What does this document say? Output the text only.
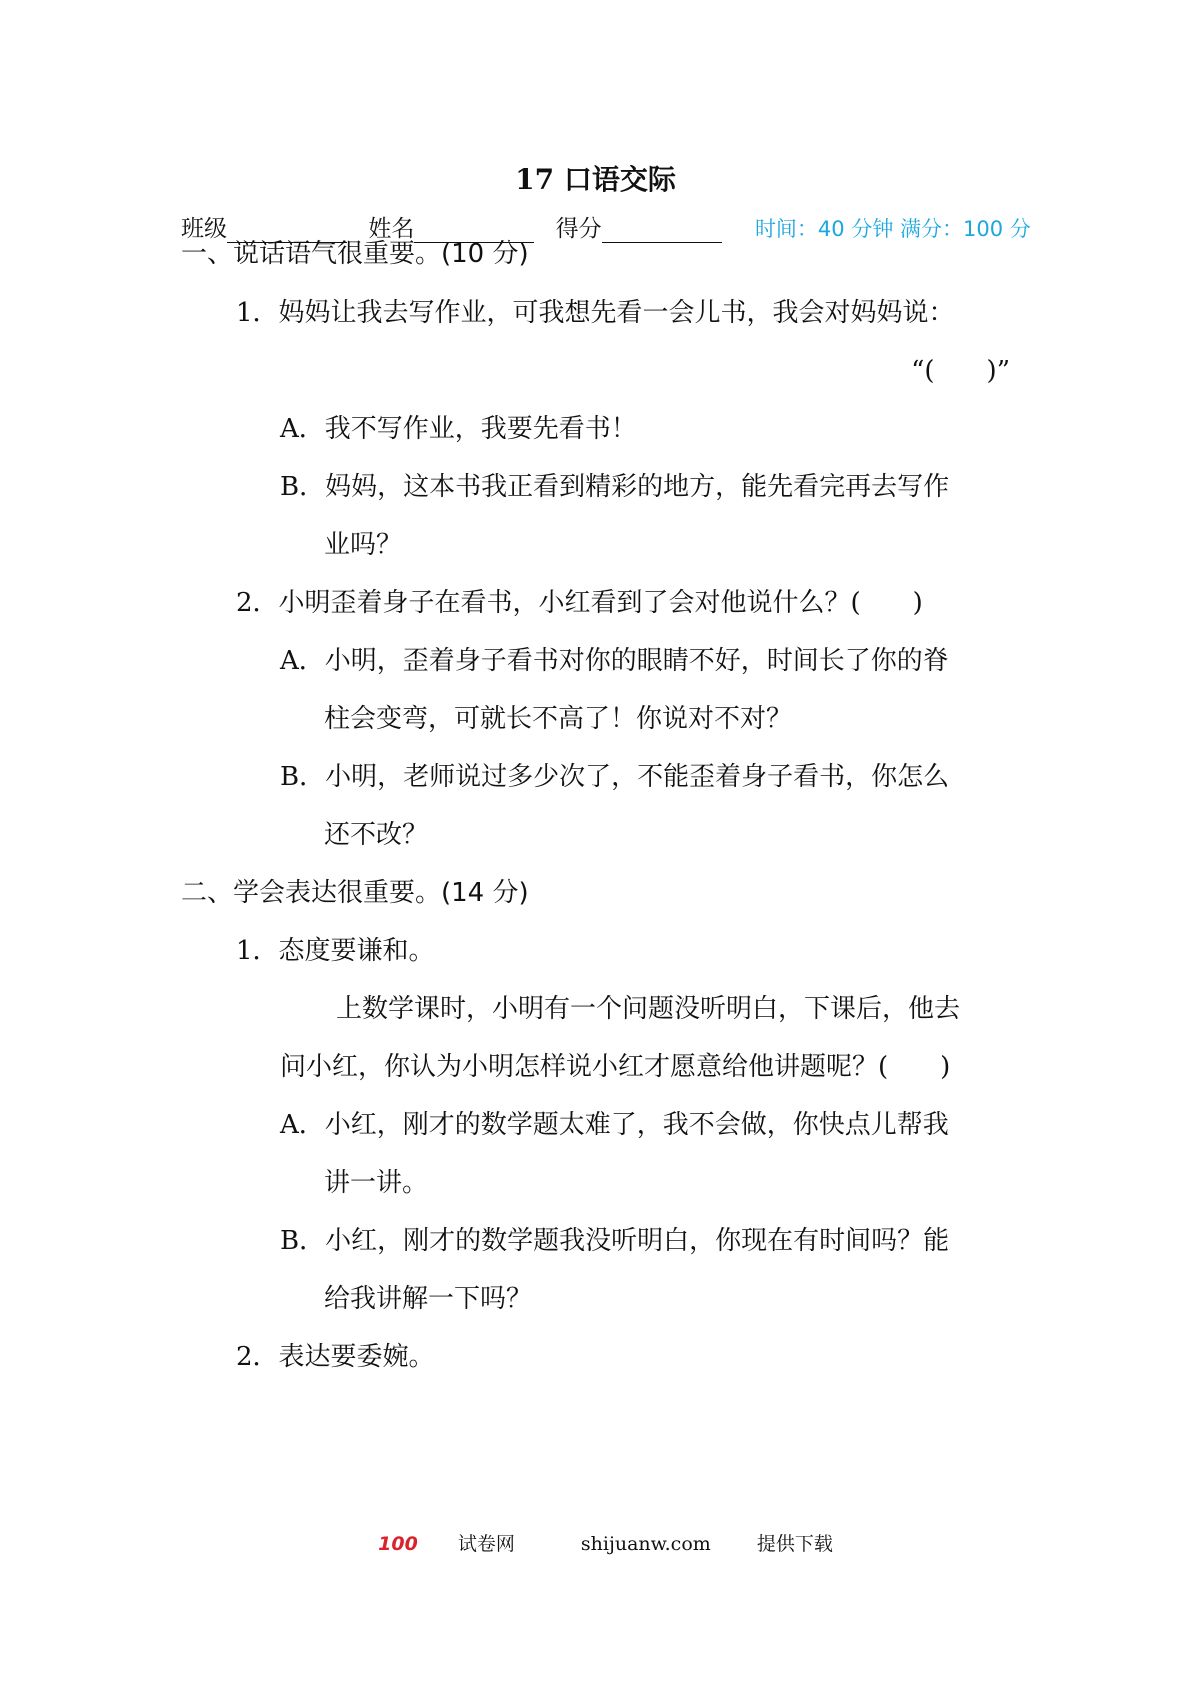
17 口语交际
班级	姓名	得分	时间：40 分钟 满分：100 分
一、说话语气很重要。(10 分)
1．妈妈让我去写作业，可我想先看一会儿书，我会对妈妈说：
“(　　)”
A．我不写作业，我要先看书！
B．妈妈，这本书我正看到精彩的地方，能先看完再去写作
业吗？
2．小明歪着身子在看书，小红看到了会对他说什么？(　　)
A．小明，歪着身子看书对你的眼睛不好，时间长了你的脊
柱会变弯，可就长不高了！你说对不对？
B．小明，老师说过多少次了，不能歪着身子看书，你怎么
还不改？
二、学会表达很重要。(14 分)
1．态度要谦和。
上数学课时，小明有一个问题没听明白，下课后，他去
问小红，你认为小明怎样说小红才愿意给他讲题呢？(　　)
A．小红，刚才的数学题太难了，我不会做，你快点儿帮我
讲一讲。
B．小红，刚才的数学题我没听明白，你现在有时间吗？能
给我讲解一下吗？
2．表达要委婉。
100 试卷网	shijuanw.com 提供下载
